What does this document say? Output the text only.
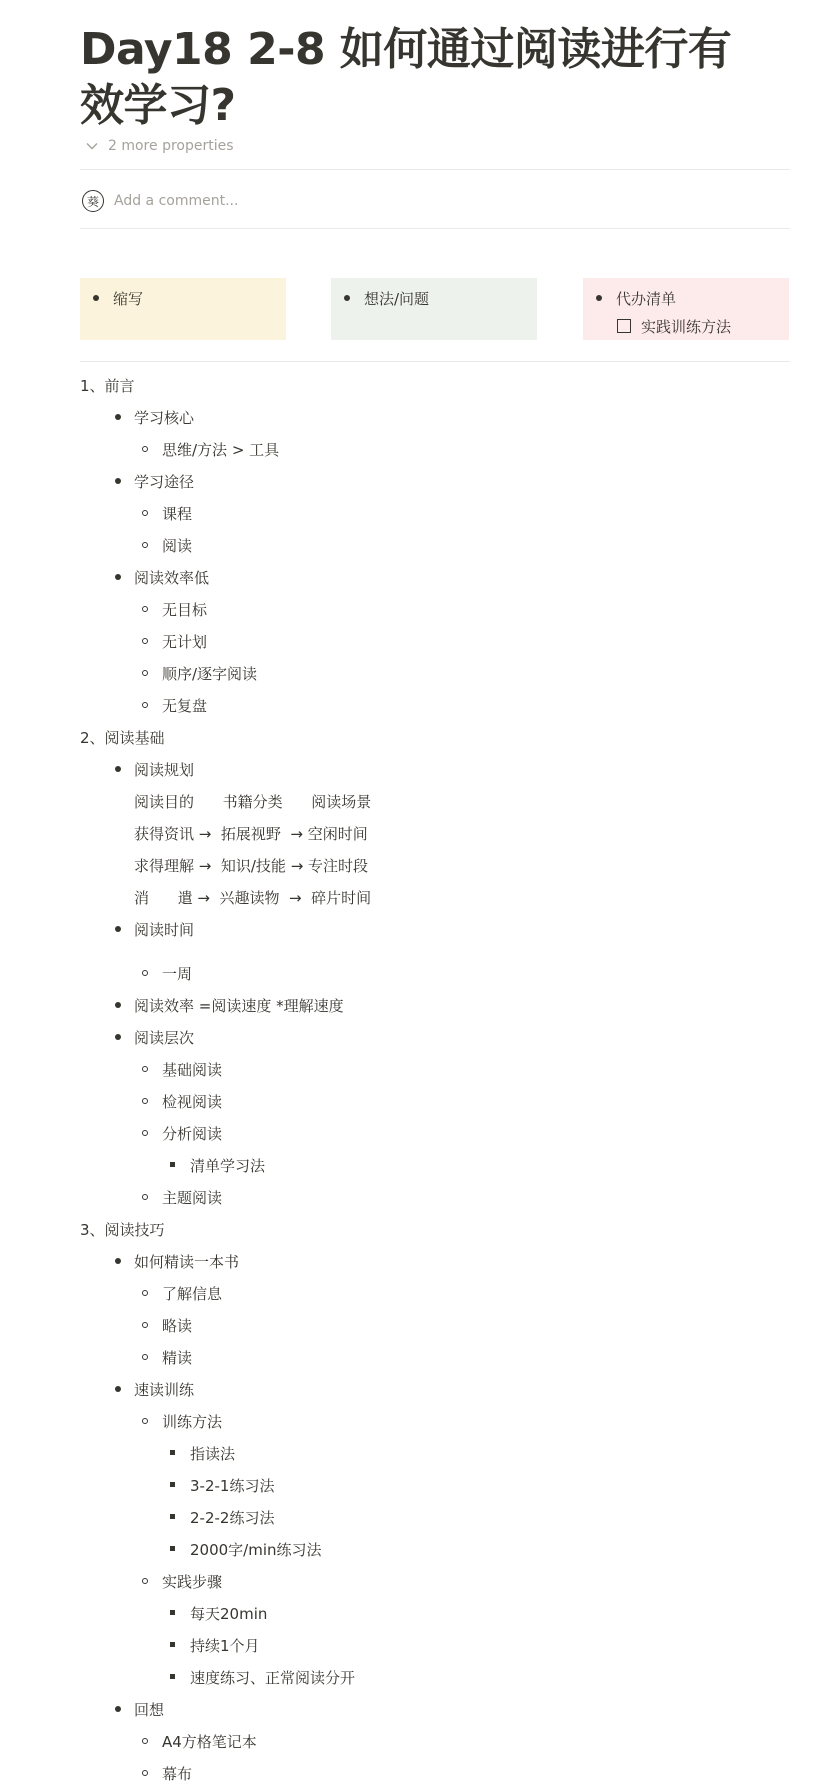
Day18 2-8 如何通过阅读进行有效学习?
2 more properties
葵 Add a comment...
缩写	想法/问题	代办清单
实践训练方法
1、前言
学习核心
思维/方法 > 工具
学习途径
课程
阅读
阅读效率低
无目标
无计划
顺序/逐字阅读
无复盘
2、阅读基础
阅读规划
阅读目的      书籍分类      阅读场景
获得资讯 →  拓展视野  → 空闲时间
求得理解 →  知识/技能 → 专注时段
消      遣 →  兴趣读物  →  碎片时间
阅读时间
一周
阅读效率 =阅读速度 *理解速度
阅读层次
基础阅读
检视阅读
分析阅读
清单学习法
主题阅读
3、阅读技巧
如何精读一本书
了解信息
略读
精读
速读训练
训练方法
指读法
3-2-1练习法
2-2-2练习法
2000字/min练习法
实践步骤
每天20min
持续1个月
速度练习、正常阅读分开
回想
A4方格笔记本
幕布
